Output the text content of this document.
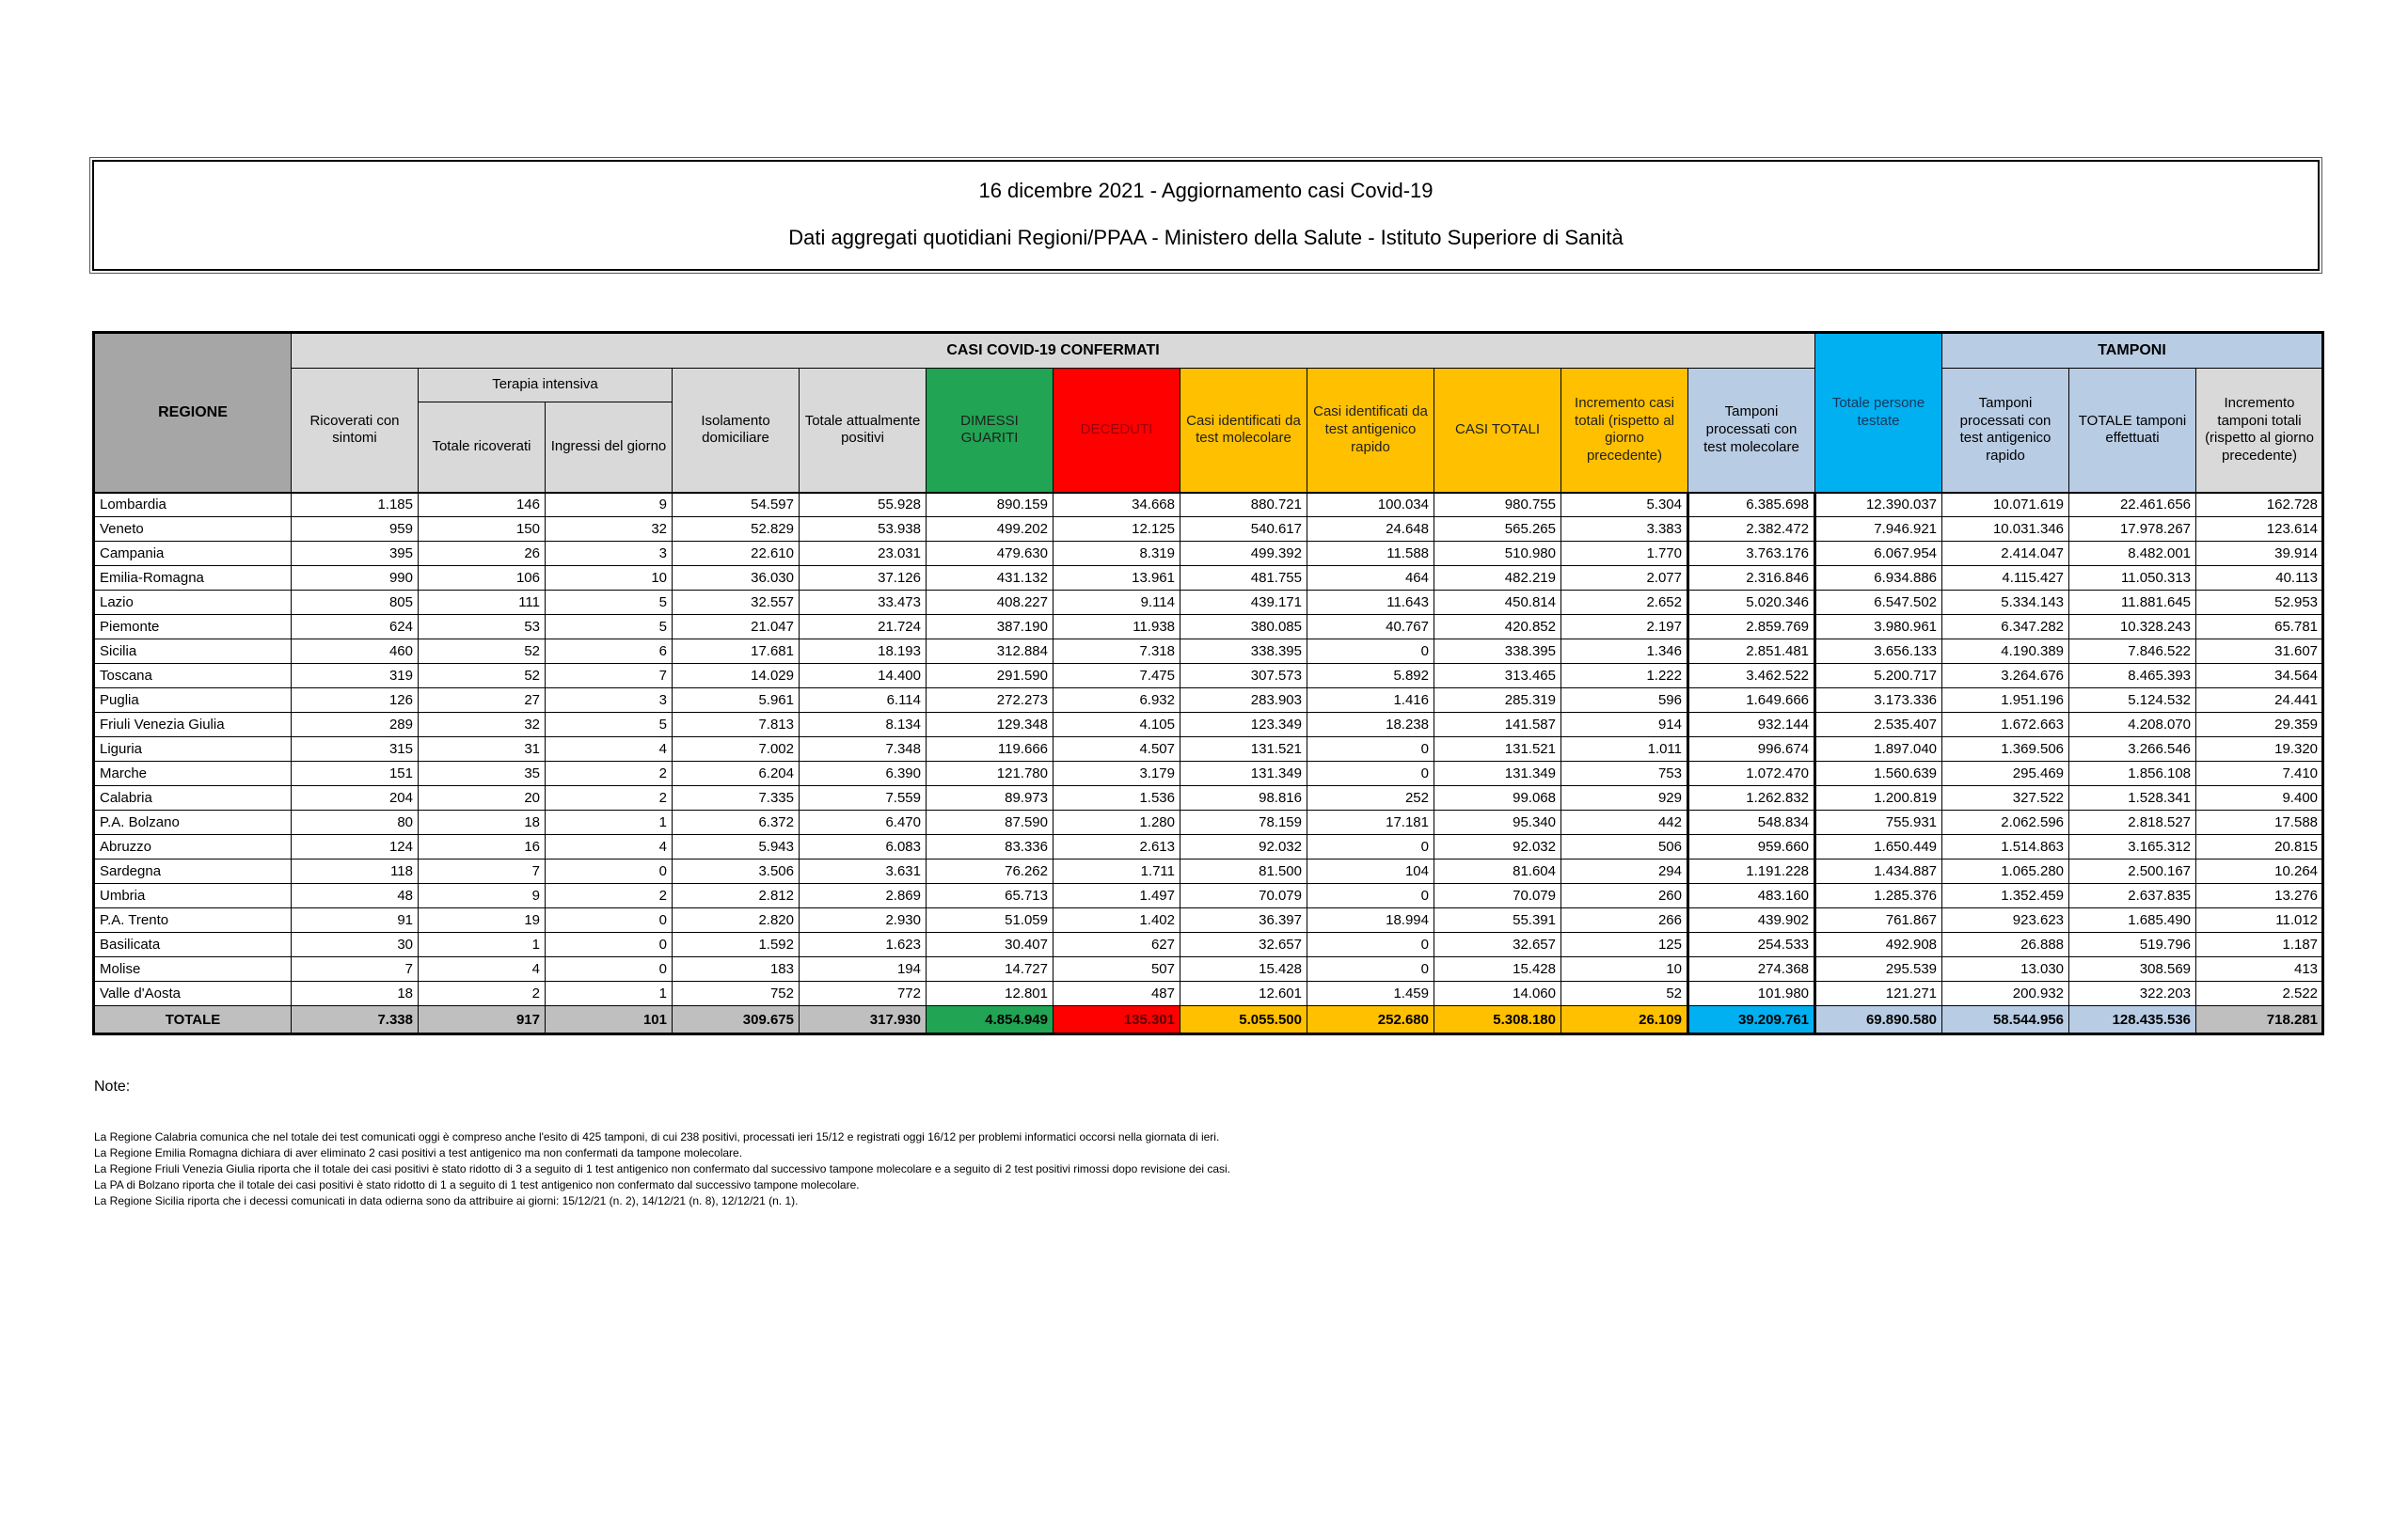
16 dicembre 2021 - Aggiornamento casi Covid-19
Dati aggregati quotidiani Regioni/PPAA - Ministero della Salute - Istituto Superiore di Sanità
REGIONE	CASI COVID-19 CONFERMATI												Totale persone testate	TAMPONI		
	Ricoverati con sintomi	Terapia intensiva		Isolamento domiciliare	Totale attualmente positivi	DIMESSI GUARITI	DECEDUTI	Casi identificati da test molecolare	Casi identificati da test antigenico rapido	CASI TOTALI	Incremento casi totali (rispetto al giorno precedente)	Tamponi processati con test molecolare		Tamponi processati con test antigenico rapido	TOTALE tamponi effettuati	Incremento tamponi totali (rispetto al giorno precedente)
		Totale ricoverati	Ingressi del giorno													
Lombardia	1.185	146	9	54.597	55.928	890.159	34.668	880.721	100.034	980.755	5.304	6.385.698	12.390.037	10.071.619	22.461.656	162.728
Veneto	959	150	32	52.829	53.938	499.202	12.125	540.617	24.648	565.265	3.383	2.382.472	7.946.921	10.031.346	17.978.267	123.614
Campania	395	26	3	22.610	23.031	479.630	8.319	499.392	11.588	510.980	1.770	3.763.176	6.067.954	2.414.047	8.482.001	39.914
Emilia-Romagna	990	106	10	36.030	37.126	431.132	13.961	481.755	464	482.219	2.077	2.316.846	6.934.886	4.115.427	11.050.313	40.113
Lazio	805	111	5	32.557	33.473	408.227	9.114	439.171	11.643	450.814	2.652	5.020.346	6.547.502	5.334.143	11.881.645	52.953
Piemonte	624	53	5	21.047	21.724	387.190	11.938	380.085	40.767	420.852	2.197	2.859.769	3.980.961	6.347.282	10.328.243	65.781
Sicilia	460	52	6	17.681	18.193	312.884	7.318	338.395	0	338.395	1.346	2.851.481	3.656.133	4.190.389	7.846.522	31.607
Toscana	319	52	7	14.029	14.400	291.590	7.475	307.573	5.892	313.465	1.222	3.462.522	5.200.717	3.264.676	8.465.393	34.564
Puglia	126	27	3	5.961	6.114	272.273	6.932	283.903	1.416	285.319	596	1.649.666	3.173.336	1.951.196	5.124.532	24.441
Friuli Venezia Giulia	289	32	5	7.813	8.134	129.348	4.105	123.349	18.238	141.587	914	932.144	2.535.407	1.672.663	4.208.070	29.359
Liguria	315	31	4	7.002	7.348	119.666	4.507	131.521	0	131.521	1.011	996.674	1.897.040	1.369.506	3.266.546	19.320
Marche	151	35	2	6.204	6.390	121.780	3.179	131.349	0	131.349	753	1.072.470	1.560.639	295.469	1.856.108	7.410
Calabria	204	20	2	7.335	7.559	89.973	1.536	98.816	252	99.068	929	1.262.832	1.200.819	327.522	1.528.341	9.400
P.A. Bolzano	80	18	1	6.372	6.470	87.590	1.280	78.159	17.181	95.340	442	548.834	755.931	2.062.596	2.818.527	17.588
Abruzzo	124	16	4	5.943	6.083	83.336	2.613	92.032	0	92.032	506	959.660	1.650.449	1.514.863	3.165.312	20.815
Sardegna	118	7	0	3.506	3.631	76.262	1.711	81.500	104	81.604	294	1.191.228	1.434.887	1.065.280	2.500.167	10.264
Umbria	48	9	2	2.812	2.869	65.713	1.497	70.079	0	70.079	260	483.160	1.285.376	1.352.459	2.637.835	13.276
P.A. Trento	91	19	0	2.820	2.930	51.059	1.402	36.397	18.994	55.391	266	439.902	761.867	923.623	1.685.490	11.012
Basilicata	30	1	0	1.592	1.623	30.407	627	32.657	0	32.657	125	254.533	492.908	26.888	519.796	1.187
Molise	7	4	0	183	194	14.727	507	15.428	0	15.428	10	274.368	295.539	13.030	308.569	413
Valle d'Aosta	18	2	1	752	772	12.801	487	12.601	1.459	14.060	52	101.980	121.271	200.932	322.203	2.522
TOTALE	7.338	917	101	309.675	317.930	4.854.949	135.301	5.055.500	252.680	5.308.180	26.109	39.209.761	69.890.580	58.544.956	128.435.536	718.281
Note:
La Regione Calabria comunica che nel totale dei test comunicati oggi è compreso anche l'esito di 425 tamponi, di cui 238 positivi, processati ieri 15/12 e registrati oggi 16/12 per problemi informatici occorsi nella giornata di ieri.
La Regione Emilia Romagna dichiara di aver eliminato 2 casi positivi a test antigenico ma non confermati da tampone molecolare.
La Regione Friuli Venezia Giulia riporta che il totale dei casi positivi è stato ridotto di 3 a seguito di 1 test antigenico non confermato dal successivo tampone molecolare e a seguito di 2 test positivi rimossi dopo revisione dei casi.
La PA di Bolzano riporta che il totale dei casi positivi è stato ridotto di 1 a seguito di 1 test antigenico non confermato dal successivo tampone molecolare.
La Regione Sicilia riporta che i decessi comunicati in data odierna sono da attribuire ai giorni: 15/12/21 (n. 2), 14/12/21 (n. 8), 12/12/21 (n. 1).
